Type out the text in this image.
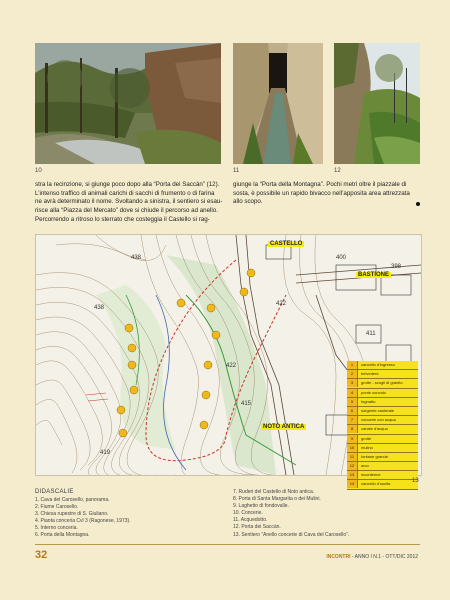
10	11	12
stra la recinzione, si giunge poco dopo alla “Porta dei Saccàn” (12).
L’intenso traffico di animali carichi di sacchi di frumento o di farina
ne avrà determinato il nome. Svoltando a sinistra, il sentiero si esau-
risce alla “Piazza del Mercato” dove si chiude il percorso ad anello.
Percorrendo a ritroso lo sterrato che costeggia il Castello si rag-
giunge la “Porta della Montagna”. Pochi metri oltre il piazzale di
sosta, è possibile un rapido bivacco nell’apposita area attrezzata
allo scopo.
CASTELLO
BASTIONE
NOTO ANTICA
438	400
398
438
422
411
422
415
419
1 cancello d'ingresso
2 belvedere
3 grotte - scogli di granito
4 ponte concolo
5 fognatto
6 sorgente canterale
7 concerie con acqua
8 canale d'acqua
9 grotte
10 mulino
11 fontane grande
12 arco
13 incontenne
14 cancello d'uscita	13
DIDASCALIE
1. Cava del Carosello, panorama.
2. Fiume Carosello.
3. Chiesa rupestre di S. Giuliano.
4. Pianta conceria Cvl 3 (Ragonese, 1973).
5. Interno conceria.
6. Porta della Montagna.
7. Ruderi del Castello di Noto antica.
8. Porta di Santa Margarita o dei Mulini.
9. Laghetto di fondovalle.
10. Concerie.
11. Acquedotto.
12. Porta dei Saccàn.
13. Sentiero “Anello concerie di Cava del Carosello”.
32	INCONTRI - ANNO I N.1 - OTT/DIC 2012
